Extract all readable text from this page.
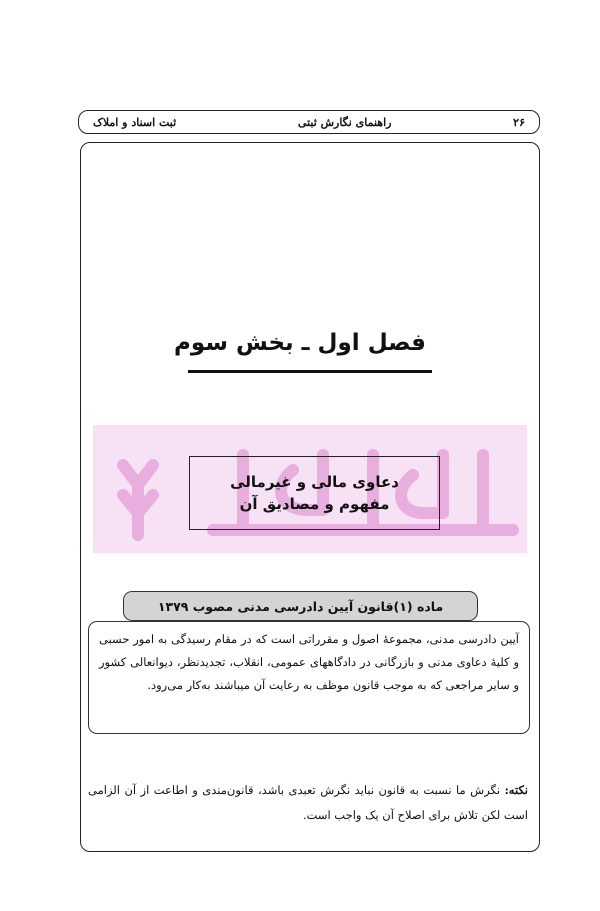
۲۶
راهنمای نگارش ثبتی
ثبت اسناد و املاک
فصل اول ـ بخش سوم
دعاوی مالی و غیرمالی
مفهوم و مصادیق آن
ماده (۱)قانون آیین دادرسی مدنی مصوب ۱۳۷۹
آیین دادرسی مدنی، مجموعهٔ اصول و مقرراتی است که در مقام رسیدگی به امور حسبی و کلیهٔ دعاوی مدنی و بازرگانی در دادگاههای عمومی، انقلاب، تجدیدنظر، دیوانعالی کشور و سایر مراجعی که به موجب قانون موظف به رعایت آن میباشند به‌کار می‌رود.
نکته: نگرش ما نسبت به قانون نباید نگرش تعبدی باشد، قانون‌مندی و اطاعت از آن الزامی است لکن تلاش برای اصلاح آن یک واجب است.
